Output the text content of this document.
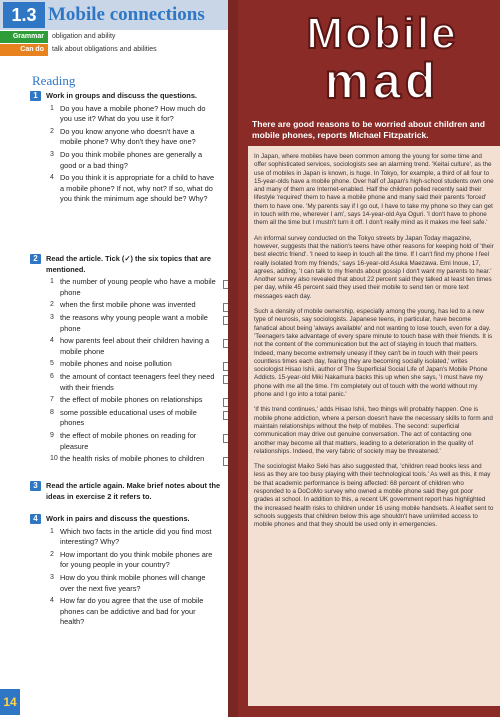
1.3 Mobile connections
Grammar	obligation and ability
Can do	talk about obligations and abilities
Reading
1	Work in groups and discuss the questions.
1 Do you have a mobile phone? How much do you use it? What do you use it for?
2 Do you know anyone who doesn't have a mobile phone? Why don't they have one?
3 Do you think mobile phones are generally a good or a bad thing?
4 Do you think it is appropriate for a child to have a mobile phone? If not, why not? If so, what do you think the minimum age should be? Why?
2	Read the article. Tick (✓) the six topics that are mentioned.
1 the number of young people who have a mobile phone
2 when the first mobile phone was invented
3 the reasons why young people want a mobile phone
4 how parents feel about their children having a mobile phone
5 mobile phones and noise pollution
6 the amount of contact teenagers feel they need with their friends
7 the effect of mobile phones on relationships
8 some possible educational uses of mobile phones
9 the effect of mobile phones on reading for pleasure
10 the health risks of mobile phones to children
3	Read the article again. Make brief notes about the ideas in exercise 2 it refers to.
4	Work in pairs and discuss the questions.
1 Which two facts in the article did you find most interesting? Why?
2 How important do you think mobile phones are for young people in your country?
3 How do you think mobile phones will change over the next five years?
4 How far do you agree that the use of mobile phones can be addictive and bad for your health?
14
Mobile
mad
There are good reasons to be worried about children and mobile phones, reports Michael Fitzpatrick.

In Japan, where mobiles have been common among the young for some time and offer sophisticated services, sociologists see an alarming trend. 'Keitai culture', as the use of mobiles in Japan is known, is huge. In Tokyo, for example, a third of all four to 15-year-olds have a mobile phone. Over half of Japan's high-school students own one and many of them are Internet-enabled. Half the children polled recently said their lifestyle 'required' them to have a mobile phone and many said their parents 'forced' them to have one. 'My parents say if I go out, I have to take my phone so they can get in touch with me, wherever I am', says 14-year-old Aya Oguri. 'I don't have to phone them all the time but I mustn't turn it off. I don't really mind as it makes me feel safe.'

An informal survey conducted on the Tokyo streets by Japan Today magazine, however, suggests that the nation's teens have other reasons for keeping hold of 'their best electric friend'. 'I need to keep in touch all the time. If I can't find my phone I feel really isolated from my friends,' says 16-year-old Asuka Maezawa. Emi Inoue, 17, agrees, adding, 'I can talk to my friends about gossip I don't want my parents to hear.' Another survey also revealed that about 22 percent said they talked at least ten times per day, while 45 percent said they used their mobile to send ten or more text messages each day.

Such a density of mobile ownership, especially among the young, has led to a new type of neurosis, say sociologists. Japanese teens, in particular, have become fanatical about being 'always available' and not wanting to lose touch, even for a day. 'Teenagers take advantage of every spare minute to touch base with their friends. It is not the content of the communication but the act of staying in touch that matters. Indeed, many become extremely uneasy if they can't be in touch with their peers countless times each day, fearing they are becoming socially isolated,' writes sociologist Hisao Ishii, author of The Superficial Social Life of Japan's Mobile Phone Addicts. 15-year-old Miki Nakamura backs this up when she says, 'I must have my phone with me all the time. I'm completely out of touch with the world without my phone and I go into a total panic.'

'If this trend continues,' adds Hisao Ishii, 'two things will probably happen. One is mobile phone addiction, where a person doesn't have the necessary skills to form and maintain relationships without the help of mobiles. The second: superficial communication may drive out genuine conversation. The act of contacting one another may become all that matters, leading to a deterioration in the quality of relationships. Indeed, the very fabric of society may be threatened.'

The sociologist Maiko Seki has also suggested that, 'children read books less and less as they are too busy playing with their technological tools.' As well as this, it may be that academic performance is being affected: 68 percent of children who responded to a DoCoMo survey who owned a mobile phone said they got poor grades at school. In addition to this, a recent UK government report has highlighted the increased health risks to children under 16 using mobile handsets. A leaflet sent to schools suggests that children below this age shouldn't have unlimited access to mobile phones and that they should be used only in emergencies.
